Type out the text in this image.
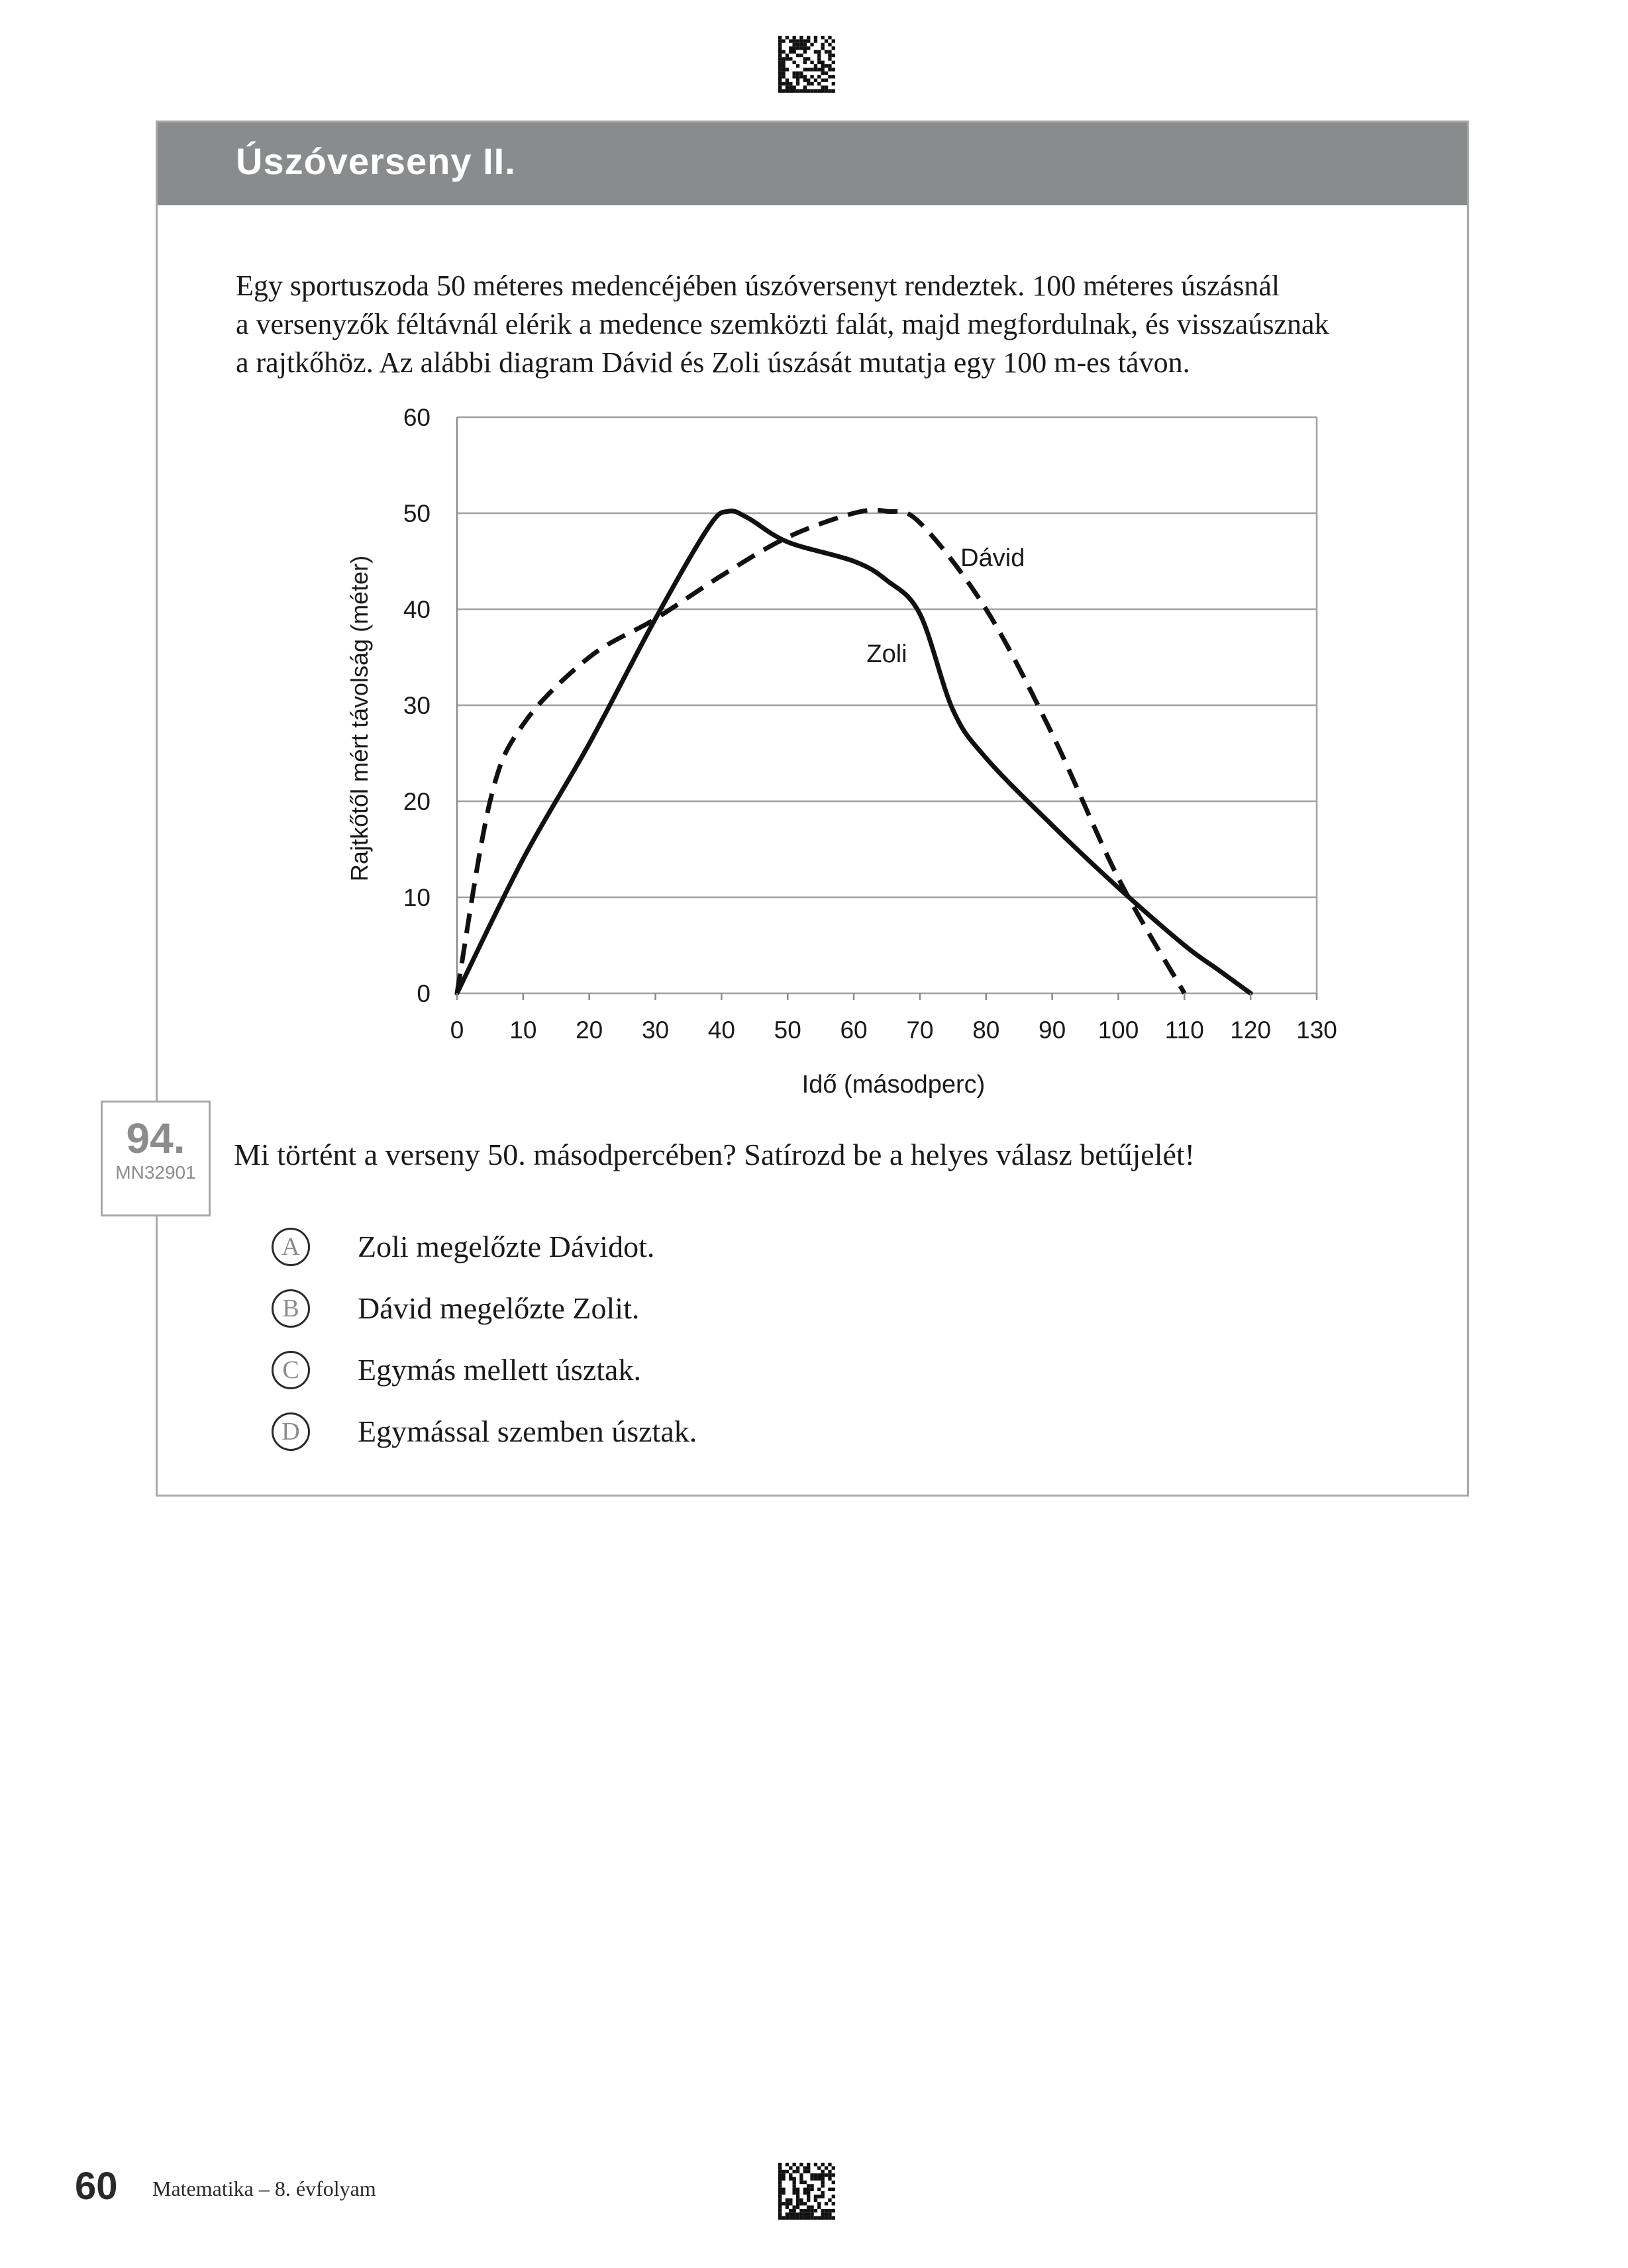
Úszóverseny II.
Egy sportuszoda 50 méteres medencéjében úszóversenyt rendeztek. 100 méteres úszásnál
a versenyzők féltávnál elérik a medence szemközti falát, majd megfordulnak, és visszaúsznak
a rajtkőhöz. Az alábbi diagram Dávid és Zoli úszását mutatja egy 100 m-es távon.
0
10
20
30
40
50
60
0 10 20 30 40 50 60 70 80 90 100 110 120 130
Dávid
Zoli
Idő (másodperc)
Rajtkőtől mért távolság (méter)
94.
MN32901
Mi történt a verseny 50. másodpercében? Satírozd be a helyes válasz betűjelét!
A	Zoli megelőzte Dávidot.
B	Dávid megelőzte Zolit.
C	Egymás mellett úsztak.
D	Egymással szemben úsztak.
60 Matematika – 8. évfolyam
